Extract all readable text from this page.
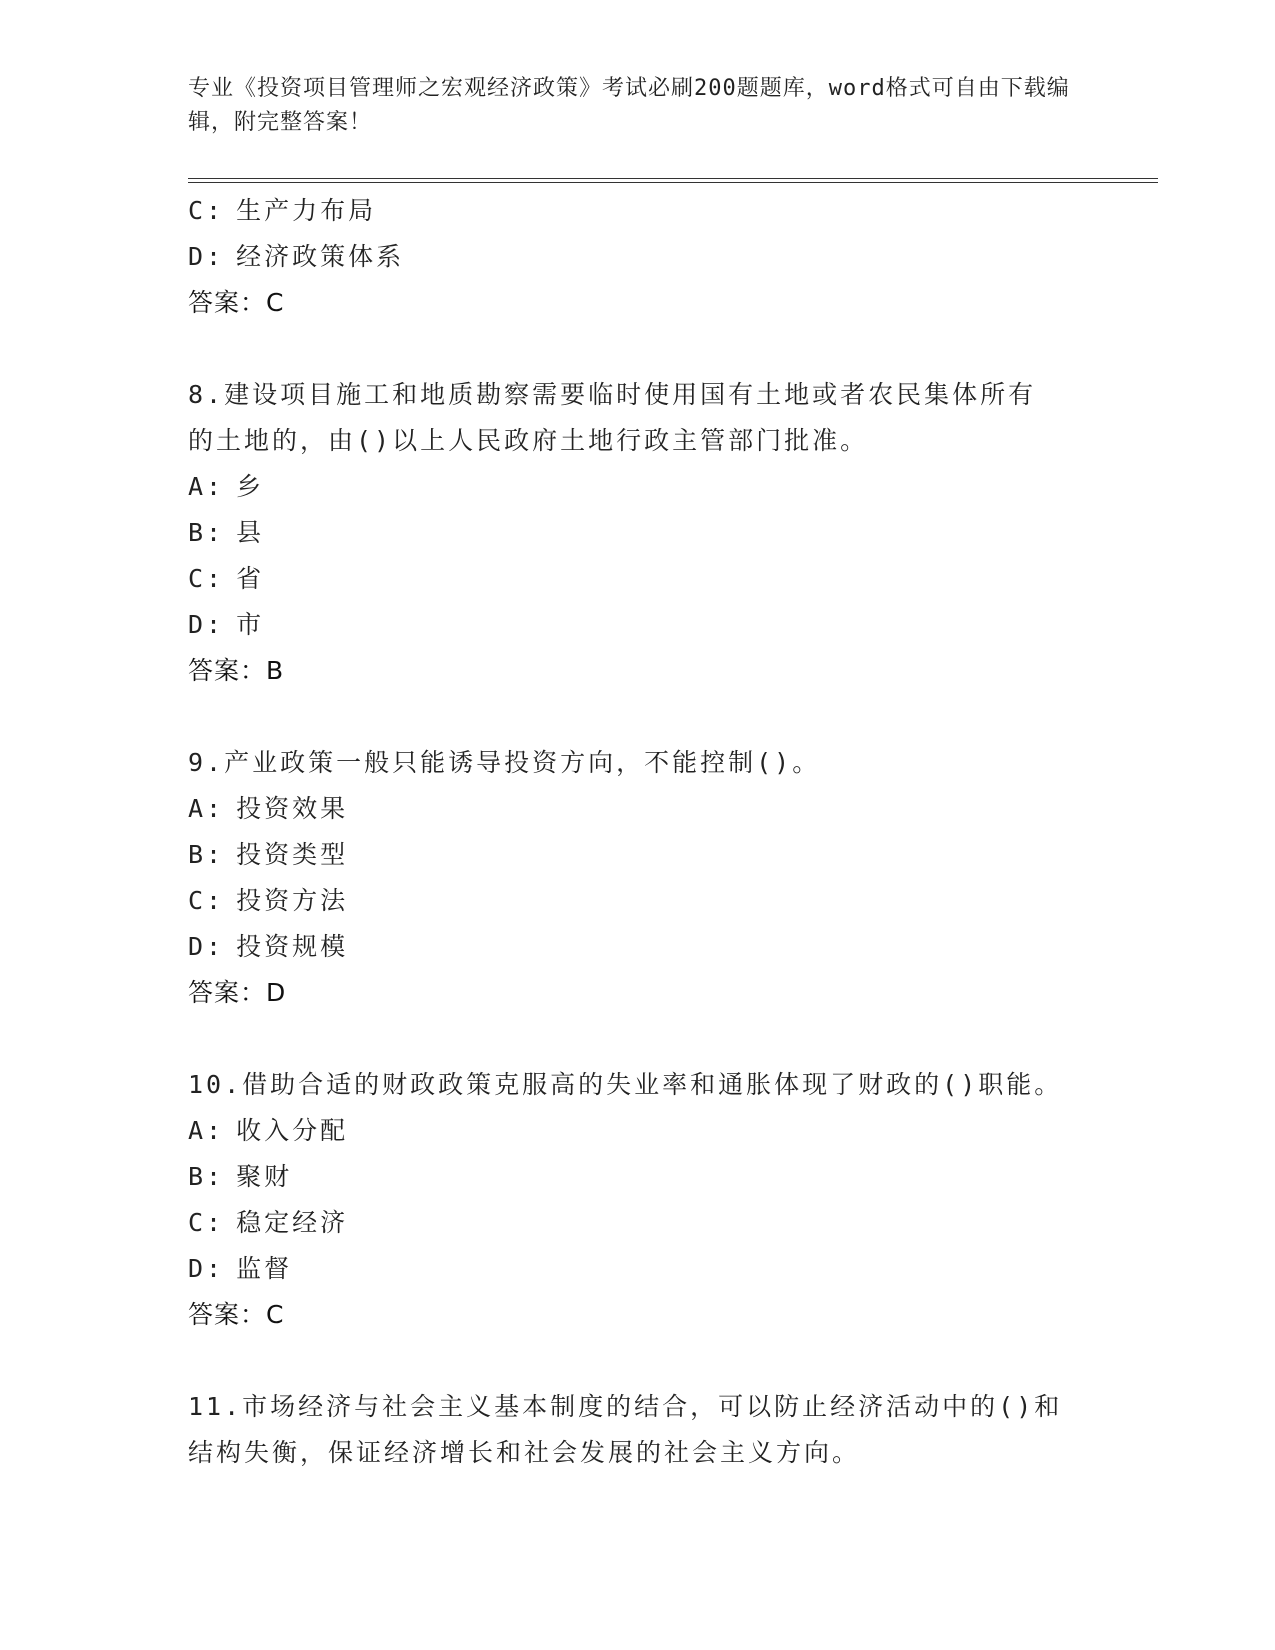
专业《投资项目管理师之宏观经济政策》考试必刷200题题库，word格式可自由下载编辑，附完整答案！
C: 生产力布局
D: 经济政策体系
答案：C
8.建设项目施工和地质勘察需要临时使用国有土地或者农民集体所有
的土地的，由()以上人民政府土地行政主管部门批准。
A: 乡
B: 县
C: 省
D: 市
答案：B
9.产业政策一般只能诱导投资方向，不能控制()。
A: 投资效果
B: 投资类型
C: 投资方法
D: 投资规模
答案：D
10.借助合适的财政政策克服高的失业率和通胀体现了财政的()职能。
A: 收入分配
B: 聚财
C: 稳定经济
D: 监督
答案：C
11.市场经济与社会主义基本制度的结合，可以防止经济活动中的()和
结构失衡，保证经济增长和社会发展的社会主义方向。
